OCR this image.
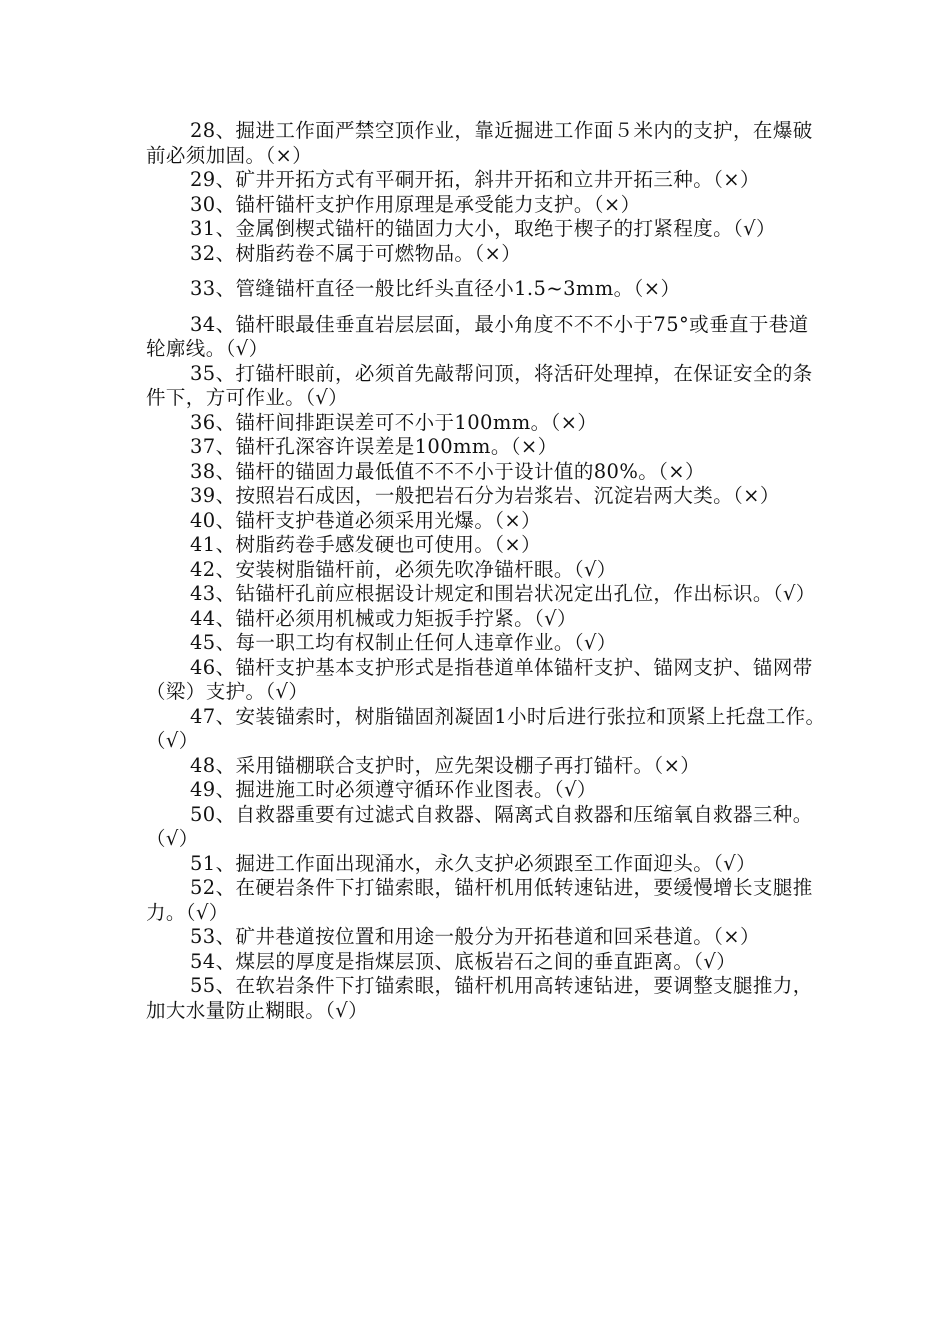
28、掘进工作面严禁空顶作业，靠近掘进工作面５米内的支护，在爆破前必须加固。（×）

29、矿井开拓方式有平硐开拓，斜井开拓和立井开拓三种。（×）

30、锚杆锚杆支护作用原理是承受能力支护。（×）

31、金属倒楔式锚杆的锚固力大小，取绝于楔子的打紧程度。（√）

32、树脂药卷不属于可燃物品。（×）

33、管缝锚杆直径一般比纤头直径小1.5~3mm。（×）

34、锚杆眼最佳垂直岩层层面，最小角度不不不小于75°或垂直于巷道轮廓线。（√）

35、打锚杆眼前，必须首先敲帮问顶，将活矸处理掉，在保证安全的条件下，方可作业。（√）

36、锚杆间排距误差可不小于100mm。（×）

37、锚杆孔深容许误差是100mm。（×）

38、锚杆的锚固力最低值不不不小于设计值的80%。（×）

39、按照岩石成因，一般把岩石分为岩浆岩、沉淀岩两大类。（×）

40、锚杆支护巷道必须采用光爆。（×）

41、树脂药卷手感发硬也可使用。（×）

42、安装树脂锚杆前，必须先吹净锚杆眼。（√）

43、钻锚杆孔前应根据设计规定和围岩状况定出孔位，作出标识。（√）

44、锚杆必须用机械或力矩扳手拧紧。（√）

45、每一职工均有权制止任何人违章作业。（√）

46、锚杆支护基本支护形式是指巷道单体锚杆支护、锚网支护、锚网带（梁）支护。（√）

47、安装锚索时，树脂锚固剂凝固1小时后进行张拉和顶紧上托盘工作。（√）

48、采用锚棚联合支护时，应先架设棚子再打锚杆。（×）

49、掘进施工时必须遵守循环作业图表。（√）

50、自救器重要有过滤式自救器、隔离式自救器和压缩氧自救器三种。（√）

51、掘进工作面出现涌水，永久支护必须跟至工作面迎头。（√）

52、在硬岩条件下打锚索眼，锚杆机用低转速钻进，要缓慢增长支腿推力。（√）

53、矿井巷道按位置和用途一般分为开拓巷道和回采巷道。（×）

54、煤层的厚度是指煤层顶、底板岩石之间的垂直距离。（√）

55、在软岩条件下打锚索眼，锚杆机用高转速钻进，要调整支腿推力，加大水量防止糊眼。（√）
